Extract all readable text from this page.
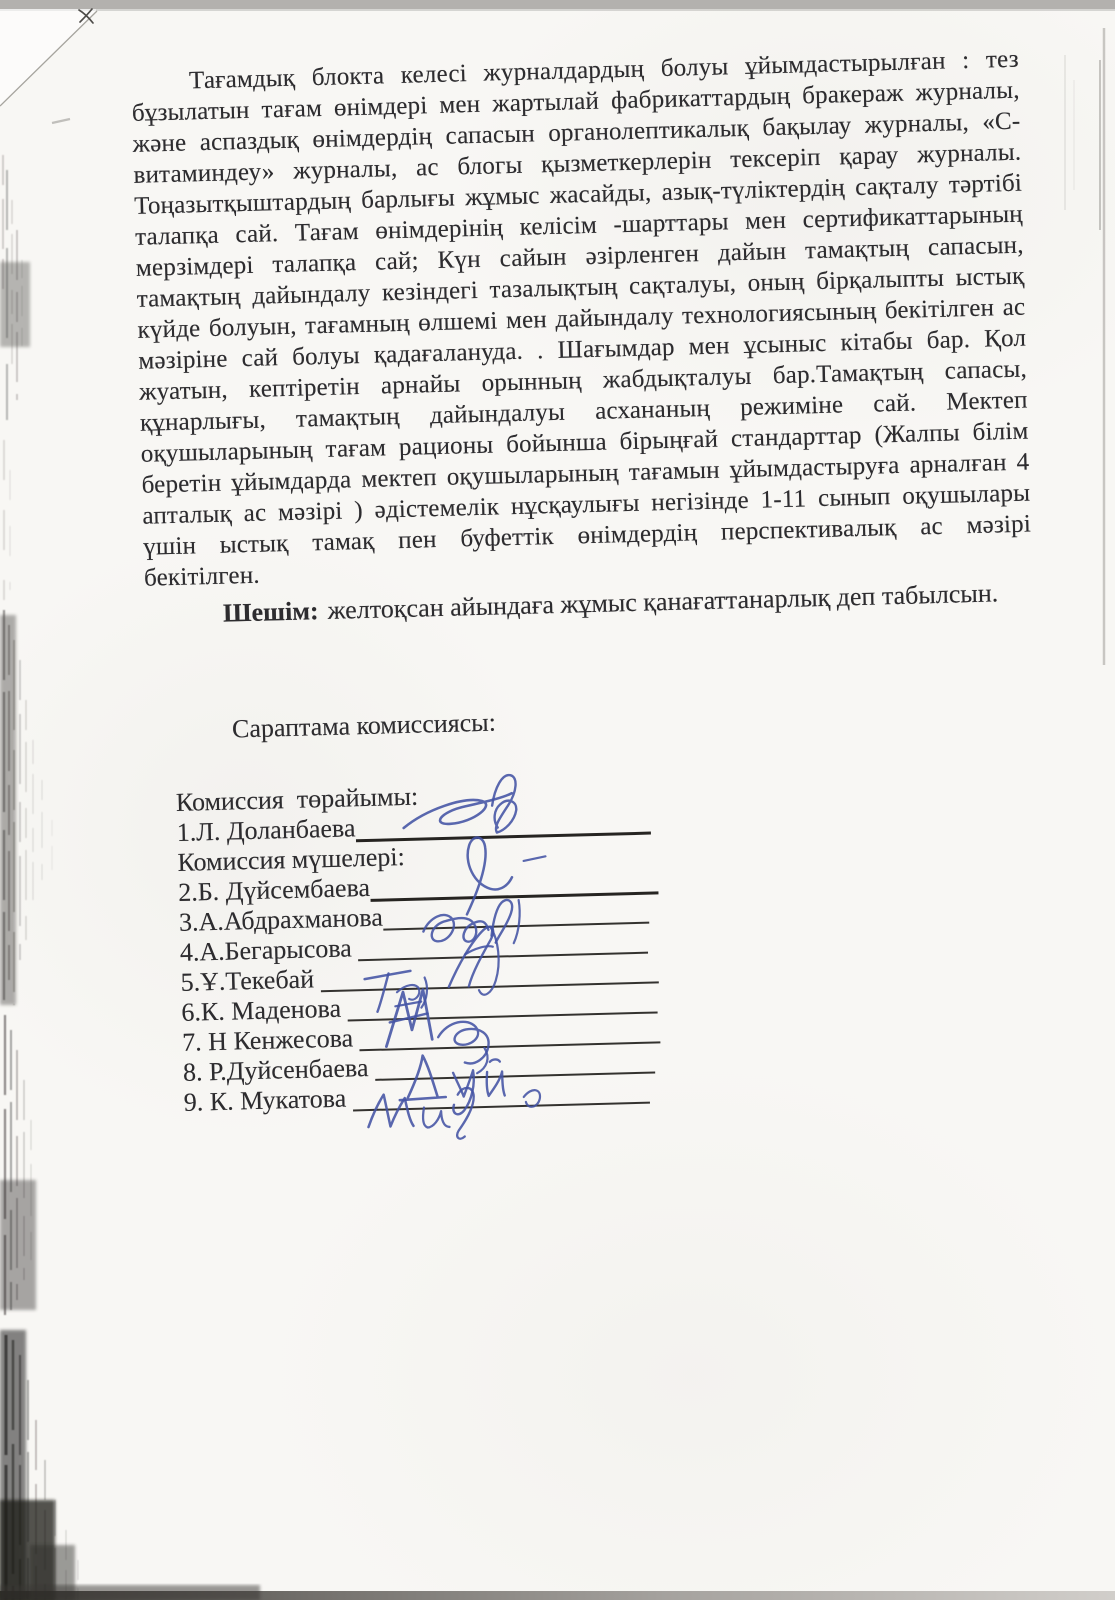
Тағамдық блокта келесі журналдардың болуы ұйымдастырылған : тез бұзылатын тағам өнімдері мен жартылай фабрикаттардың бракераж журналы, және аспаздық өнімдердің сапасын органолептикалық бақылау журналы, «С-витаминдеу» журналы, ас блогы қызметкерлерін тексеріп қарау журналы. Тоңазытқыштардың барлығы жұмыс жасайды, азық-түліктердің сақталу тәртібі талапқа сай. Тағам өнімдерінің келісім -шарттары мен сертификаттарының мерзімдері талапқа сай; Күн сайын әзірленген дайын тамақтың сапасын, тамақтың дайындалу кезіндегі тазалықтың сақталуы, оның бірқалыпты ыстық күйде болуын, тағамның өлшемі мен дайындалу технологиясының бекітілген ас мәзіріне сай болуы қадағалануда. . Шағымдар мен ұсыныс кітабы бар. Қол жуатын, кептіретін арнайы орынның жабдықталуы бар.Тамақтың сапасы, құнарлығы, тамақтың дайындалуы асхананың режиміне сай. Мектеп оқушыларының тағам рационы бойынша бірыңғай стандарттар (Жалпы білім беретін ұйымдарда мектеп оқушыларының тағамын ұйымдастыруға арналған 4 апталық ас мәзірі ) әдістемелік нұсқаулығы негізінде 1-11 сынып оқушылары үшін ыстық тамақ пен буфеттік өнімдердің перспективалық ас мәзірі бекітілген.

Шешім: желтоқсан айындаға жұмыс қанағаттанарлық деп табылсын.

Сараптама комиссиясы:

Комиссия  төрайымы:
1.Л. Доланбаева
Комиссия мүшелері:
2.Б. Дүйсембаева
3.А.Абдрахманова
4.А.Бегарысова
5.Ұ.Текебай
6.К. Маденова
7. Н Кенжесова
8. Р.Дуйсенбаева
9. К. Мукатова
